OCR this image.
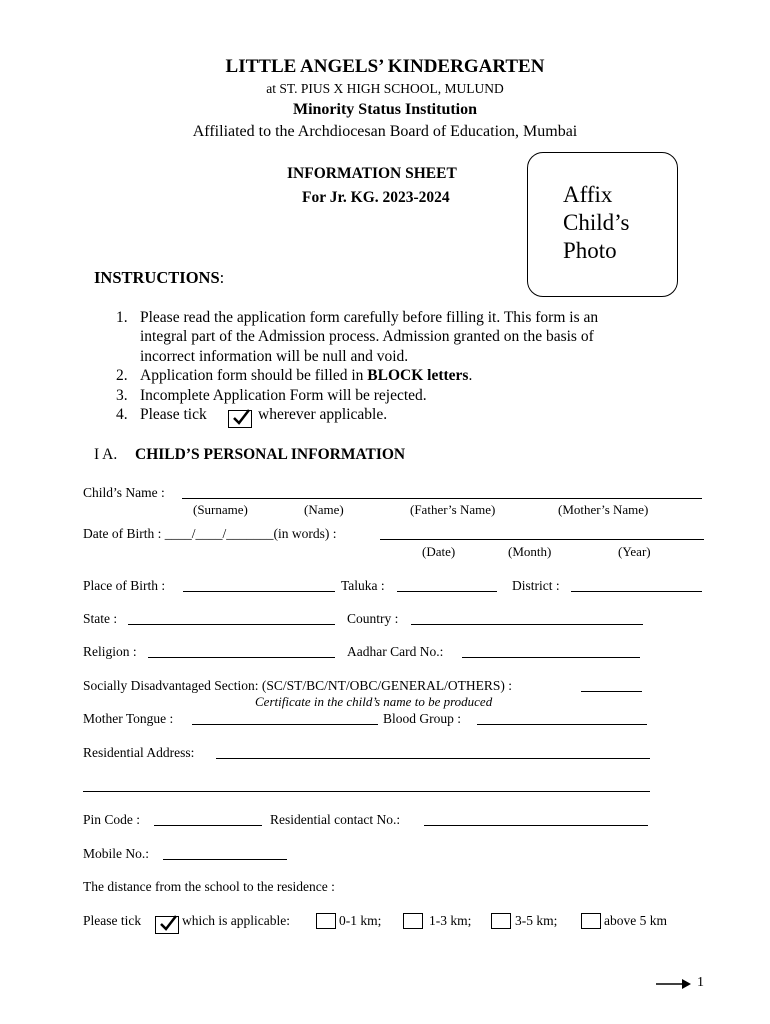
LITTLE ANGELS’ KINDERGARTEN
at ST. PIUS X HIGH SCHOOL, MULUND
Minority Status Institution
Affiliated to the Archdiocesan Board of Education, Mumbai
INFORMATION SHEET
For Jr. KG. 2023-2024	Affix
Child’s
Photo
INSTRUCTIONS:
1. Please read the application form carefully before filling it. This form is an
integral part of the Admission process. Admission granted on the basis of
incorrect information will be null and void.
2. Application form should be filled in BLOCK letters.
3. Incomplete Application Form will be rejected.
4. Please tick	wherever applicable.
I A. CHILD’S PERSONAL INFORMATION
Child’s Name :
(Surname)	(Name)	(Father’s Name)	(Mother’s Name)
Date of Birth : ____/____/_______(in words) :
(Date)	(Month)	(Year)
Place of Birth :	Taluka :	District :
State :	Country :
Religion :	Aadhar Card No.:
Socially Disadvantaged Section: (SC/ST/BC/NT/OBC/GENERAL/OTHERS) :
Certificate in the child’s name to be produced
Mother Tongue :	Blood Group :
Residential Address:
Pin Code :	Residential contact No.:
Mobile No.:
The distance from the school to the residence :
Please tick	which is applicable:	0-1 km;	1-3 km;	3-5 km;	above 5 km
1
